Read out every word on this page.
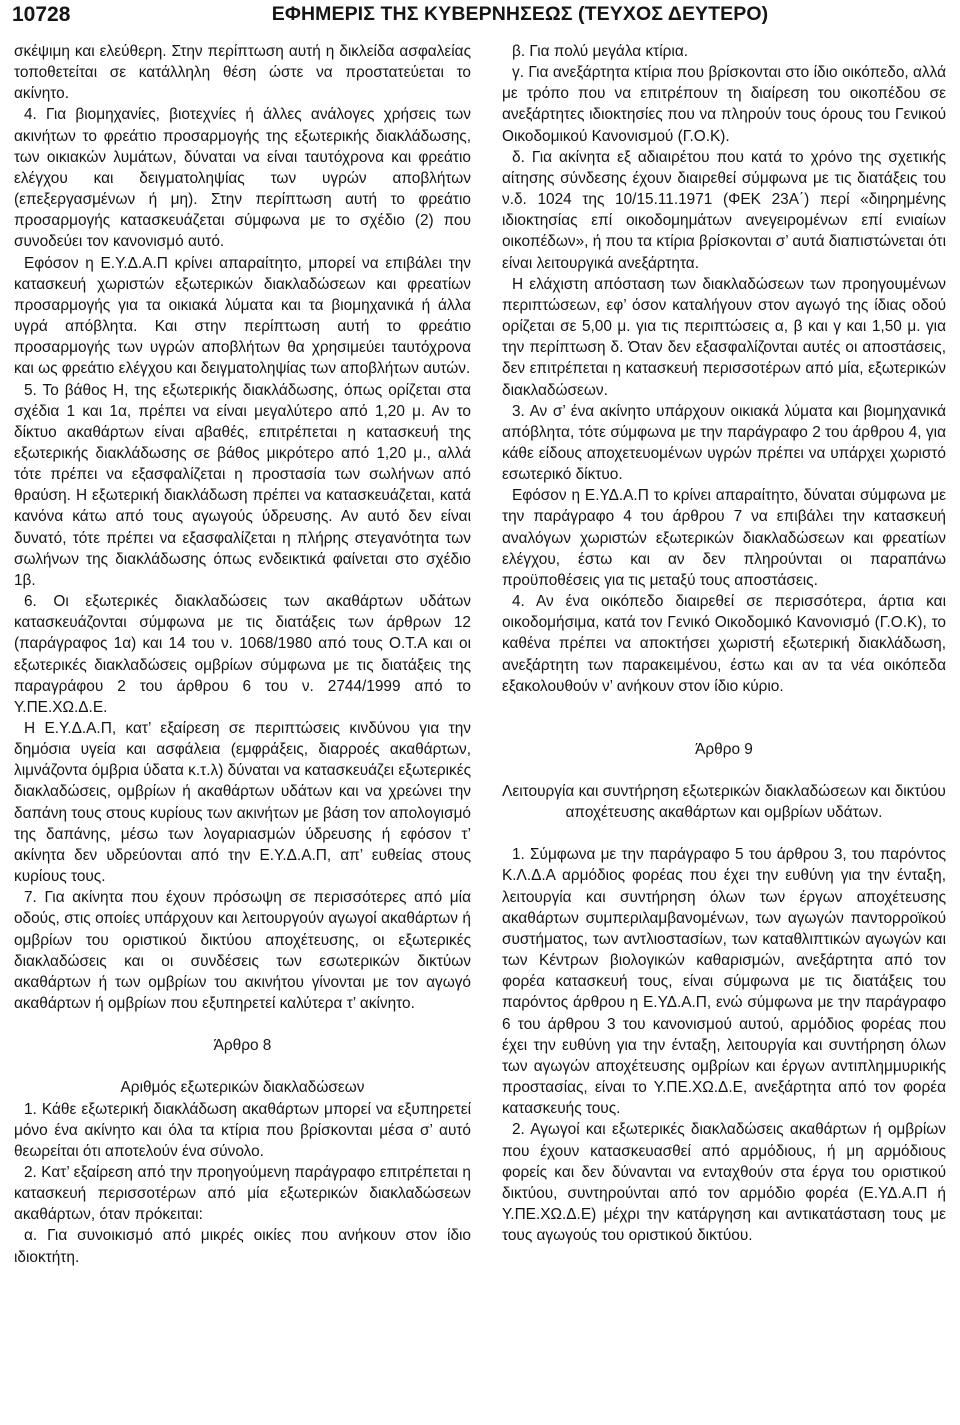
10728	ΕΦΗΜΕΡΙΣ ΤΗΣ ΚΥΒΕΡΝΗΣΕΩΣ (ΤΕΥΧΟΣ ΔΕΥΤΕΡΟ)

σκέψιμη και ελεύθερη. Στην περίπτωση αυτή η δικλείδα ασφαλείας τοποθετείται σε κατάλληλη θέση ώστε να προστατεύεται το ακίνητο.

4. Για βιομηχανίες, βιοτεχνίες ή άλλες ανάλογες χρήσεις των ακινήτων το φρεάτιο προσαρμογής της εξωτερικής διακλάδωσης, των οικιακών λυμάτων, δύναται να είναι ταυτόχρονα και φρεάτιο ελέγχου και δειγματοληψίας των υγρών αποβλήτων (επεξεργασμένων ή μη). Στην περίπτωση αυτή το φρεάτιο προσαρμογής κατασκευάζεται σύμφωνα με το σχέδιο (2) που συνοδεύει τον κανονισμό αυτό.

Εφόσον η Ε.Υ.Δ.Α.Π κρίνει απαραίτητο, μπορεί να επιβάλει την κατασκευή χωριστών εξωτερικών διακλαδώσεων και φρεατίων προσαρμογής για τα οικιακά λύματα και τα βιομηχανικά ή άλλα υγρά απόβλητα. Και στην περίπτωση αυτή το φρεάτιο προσαρμογής των υγρών αποβλήτων θα χρησιμεύει ταυτόχρονα και ως φρεάτιο ελέγχου και δειγματοληψίας των αποβλήτων αυτών.

5. Το βάθος Η, της εξωτερικής διακλάδωσης, όπως ορίζεται στα σχέδια 1 και 1α, πρέπει να είναι μεγαλύτερο από 1,20 μ. Αν το δίκτυο ακαθάρτων είναι αβαθές, επιτρέπεται η κατασκευή της εξωτερικής διακλάδωσης σε βάθος μικρότερο από 1,20 μ., αλλά τότε πρέπει να εξασφαλίζεται η προστασία των σωλήνων από θραύση. Η εξωτερική διακλάδωση πρέπει να κατασκευάζεται, κατά κανόνα κάτω από τους αγωγούς ύδρευσης. Αν αυτό δεν είναι δυνατό, τότε πρέπει να εξασφαλίζεται η πλήρης στεγανότητα των σωλήνων της διακλάδωσης όπως ενδεικτικά φαίνεται στο σχέδιο 1β.

6. Οι εξωτερικές διακλαδώσεις των ακαθάρτων υδάτων κατασκευάζονται σύμφωνα με τις διατάξεις των άρθρων 12 (παράγραφος 1α) και 14 του ν. 1068/1980 από τους Ο.Τ.Α και οι εξωτερικές διακλαδώσεις ομβρίων σύμφωνα με τις διατάξεις της παραγράφου 2 του άρθρου 6 του ν. 2744/1999 από το Υ.ΠΕ.ΧΩ.Δ.Ε.

Η Ε.Υ.Δ.Α.Π, κατ’ εξαίρεση σε περιπτώσεις κινδύνου για την δημόσια υγεία και ασφάλεια (εμφράξεις, διαρροές ακαθάρτων, λιμνάζοντα όμβρια ύδατα κ.τ.λ) δύναται να κατασκευάζει εξωτερικές διακλαδώσεις, ομβρίων ή ακαθάρτων υδάτων και να χρεώνει την δαπάνη τους στους κυρίους των ακινήτων με βάση τον απολογισμό της δαπάνης, μέσω των λογαριασμών ύδρευσης ή εφόσον τ’ ακίνητα δεν υδρεύονται από την Ε.Υ.Δ.Α.Π, απ’ ευθείας στους κυρίους τους.

7. Για ακίνητα που έχουν πρόσωψη σε περισσότερες από μία οδούς, στις οποίες υπάρχουν και λειτουργούν αγωγοί ακαθάρτων ή ομβρίων του οριστικού δικτύου αποχέτευσης, οι εξωτερικές διακλαδώσεις και οι συνδέσεις των εσωτερικών δικτύων ακαθάρτων ή των ομβρίων του ακινήτου γίνονται με τον αγωγό ακαθάρτων ή ομβρίων που εξυπηρετεί καλύτερα τ’ ακίνητο.

Άρθρο 8

Αριθμός εξωτερικών διακλαδώσεων

1. Κάθε εξωτερική διακλάδωση ακαθάρτων μπορεί να εξυπηρετεί μόνο ένα ακίνητο και όλα τα κτίρια που βρίσκονται μέσα σ’ αυτό θεωρείται ότι αποτελούν ένα σύνολο.

2. Κατ’ εξαίρεση από την προηγούμενη παράγραφο επιτρέπεται η κατασκευή περισσοτέρων από μία εξωτερικών διακλαδώσεων ακαθάρτων, όταν πρόκειται:

α. Για συνοικισμό από μικρές οικίες που ανήκουν στον ίδιο ιδιοκτήτη.

β. Για πολύ μεγάλα κτίρια.

γ. Για ανεξάρτητα κτίρια που βρίσκονται στο ίδιο οικόπεδο, αλλά με τρόπο που να επιτρέπουν τη διαίρεση του οικοπέδου σε ανεξάρτητες ιδιοκτησίες που να πληρούν τους όρους του Γενικού Οικοδομικού Κανονισμού (Γ.Ο.Κ).

δ. Για ακίνητα εξ αδιαιρέτου που κατά το χρόνο της σχετικής αίτησης σύνδεσης έχουν διαιρεθεί σύμφωνα με τις διατάξεις του ν.δ. 1024 της 10/15.11.1971 (ΦΕΚ 23Α΄) περί «διηρημένης ιδιοκτησίας επί οικοδομημάτων ανεγειρομένων επί ενιαίων οικοπέδων», ή που τα κτίρια βρίσκονται σ’ αυτά διαπιστώνεται ότι είναι λειτουργικά ανεξάρτητα.

Η ελάχιστη απόσταση των διακλαδώσεων των προηγουμένων περιπτώσεων, εφ’ όσον καταλήγουν στον αγωγό της ίδιας οδού ορίζεται σε 5,00 μ. για τις περιπτώσεις α, β και γ και 1,50 μ. για την περίπτωση δ. Όταν δεν εξασφαλίζονται αυτές οι αποστάσεις, δεν επιτρέπεται η κατασκευή περισσοτέρων από μία, εξωτερικών διακλαδώσεων.

3. Αν σ’ ένα ακίνητο υπάρχουν οικιακά λύματα και βιομηχανικά απόβλητα, τότε σύμφωνα με την παράγραφο 2 του άρθρου 4, για κάθε είδους αποχετευομένων υγρών πρέπει να υπάρχει χωριστό εσωτερικό δίκτυο.

Εφόσον η Ε.ΥΔ.Α.Π το κρίνει απαραίτητο, δύναται σύμφωνα με την παράγραφο 4 του άρθρου 7 να επιβάλει την κατασκευή αναλόγων χωριστών εξωτερικών διακλαδώσεων και φρεατίων ελέγχου, έστω και αν δεν πληρούνται οι παραπάνω προϋποθέσεις για τις μεταξύ τους αποστάσεις.

4. Αν ένα οικόπεδο διαιρεθεί σε περισσότερα, άρτια και οικοδομήσιμα, κατά τον Γενικό Οικοδομικό Κανονισμό (Γ.Ο.Κ), το καθένα πρέπει να αποκτήσει χωριστή εξωτερική διακλάδωση, ανεξάρτητη των παρακειμένου, έστω και αν τα νέα οικόπεδα εξακολουθούν ν’ ανήκουν στον ίδιο κύριο.

Άρθρο 9

Λειτουργία και συντήρηση εξωτερικών διακλαδώσεων και δικτύου αποχέτευσης ακαθάρτων και ομβρίων υδάτων.

1. Σύμφωνα με την παράγραφο 5 του άρθρου 3, του παρόντος Κ.Λ.Δ.Α αρμόδιος φορέας που έχει την ευθύνη για την ένταξη, λειτουργία και συντήρηση όλων των έργων αποχέτευσης ακαθάρτων συμπεριλαμβανομένων, των αγωγών παντορροϊκού συστήματος, των αντλιοστασίων, των καταθλιπτικών αγωγών και των Κέντρων βιολογικών καθαρισμών, ανεξάρτητα από τον φορέα κατασκευή τους, είναι σύμφωνα με τις διατάξεις του παρόντος άρθρου η Ε.ΥΔ.Α.Π, ενώ σύμφωνα με την παράγραφο 6 του άρθρου 3 του κανονισμού αυτού, αρμόδιος φορέας που έχει την ευθύνη για την ένταξη, λειτουργία και συντήρηση όλων των αγωγών αποχέτευσης ομβρίων και έργων αντιπλημμυρικής προστασίας, είναι το Υ.ΠΕ.ΧΩ.Δ.Ε, ανεξάρτητα από τον φορέα κατασκευής τους.

2. Αγωγοί και εξωτερικές διακλαδώσεις ακαθάρτων ή ομβρίων που έχουν κατασκευασθεί από αρμόδιους, ή μη αρμόδιους φορείς και δεν δύνανται να ενταχθούν στα έργα του οριστικού δικτύου, συντηρούνται από τον αρμόδιο φορέα (Ε.ΥΔ.Α.Π ή Υ.ΠΕ.ΧΩ.Δ.Ε) μέχρι την κατάργηση και αντικατάσταση τους με τους αγωγούς του οριστικού δικτύου.
